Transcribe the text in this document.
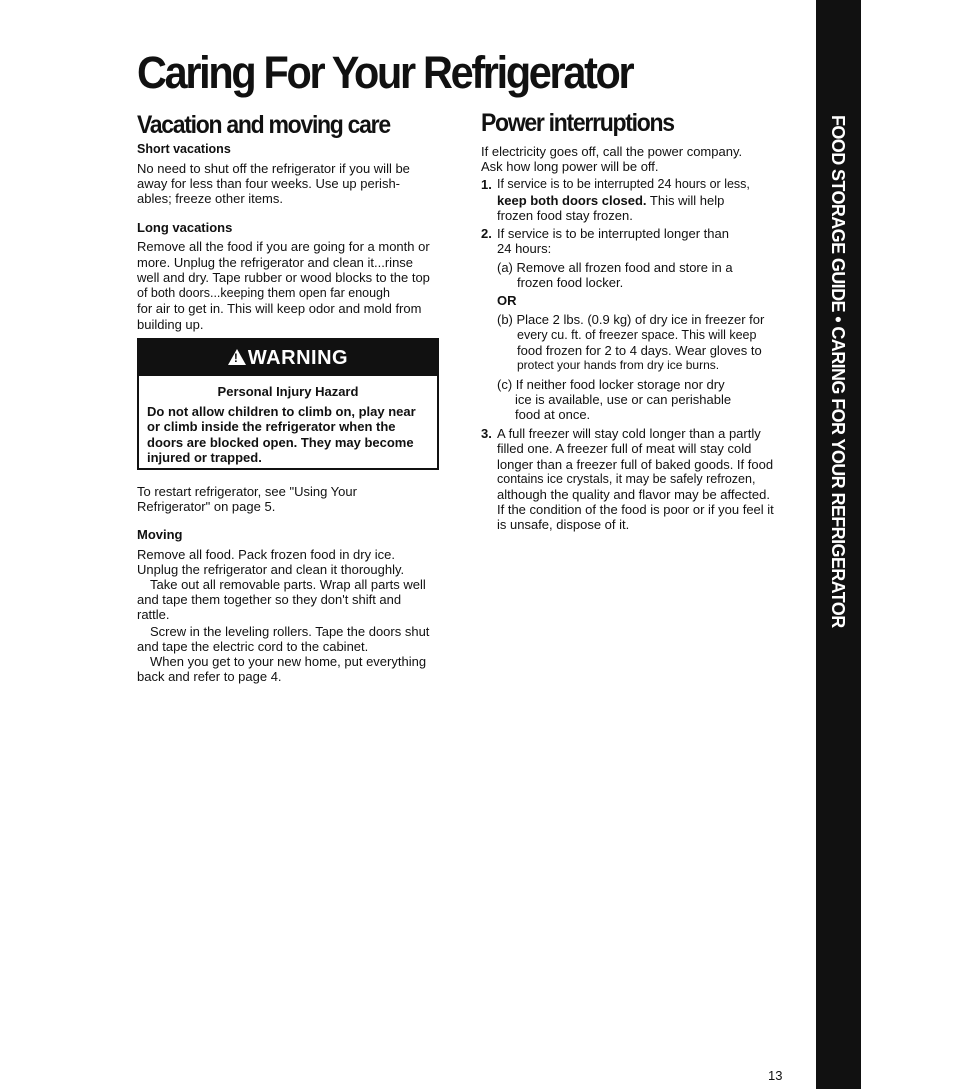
Caring For Your Refrigerator
Vacation and moving care
Short vacations

No need to shut off the refrigerator if you will be away for less than four weeks. Use up perish-ables; freeze other items.

Long vacations
Remove all the food if you are going for a month or
more. Unplug the refrigerator and clean it...rinse
well and dry. Tape rubber or wood blocks to the top
of both doors...keeping them open far enough
for air to get in. This will keep odor and mold from
building up.
!
WARNING
Personal Injury Hazard
Do not allow children to climb on, play near or climb inside the refrigerator when the doors are blocked open. They may become injured or trapped.
To restart refrigerator, see "Using Your
Refrigerator" on page 5.
Moving
Remove all food. Pack frozen food in dry ice.
Unplug the refrigerator and clean it thoroughly.

Take out all removable parts. Wrap all parts well and tape them together so they don't shift and rattle.

Screw in the leveling rollers. Tape the doors shut and tape the electric cord to the cabinet.

When you get to your new home, put everything back and refer to page 4.

Power interruptions
If electricity goes off, call the power company.
Ask how long power will be off.
1. If service is to be interrupted 24 hours or less,
keep both doors closed. This will help
frozen food stay frozen.
2. If service is to be interrupted longer than
24 hours:
(a) Remove all frozen food and store in a
frozen food locker.
OR
(b) Place 2 lbs. (0.9 kg) of dry ice in freezer for
every cu. ft. of freezer space. This will keep
food frozen for 2 to 4 days. Wear gloves to
protect your hands from dry ice burns.
(c) If neither food locker storage nor dry
ice is available, use or can perishable
food at once.
3. A full freezer will stay cold longer than a partly
filled one. A freezer full of meat will stay cold
longer than a freezer full of baked goods. If food
contains ice crystals, it may be safely refrozen,
although the quality and flavor may be affected.
If the condition of the food is poor or if you feel it
is unsafe, dispose of it.	FOOD STORAGE GUIDE • CARING FOR YOUR REFRIGERATOR
13
